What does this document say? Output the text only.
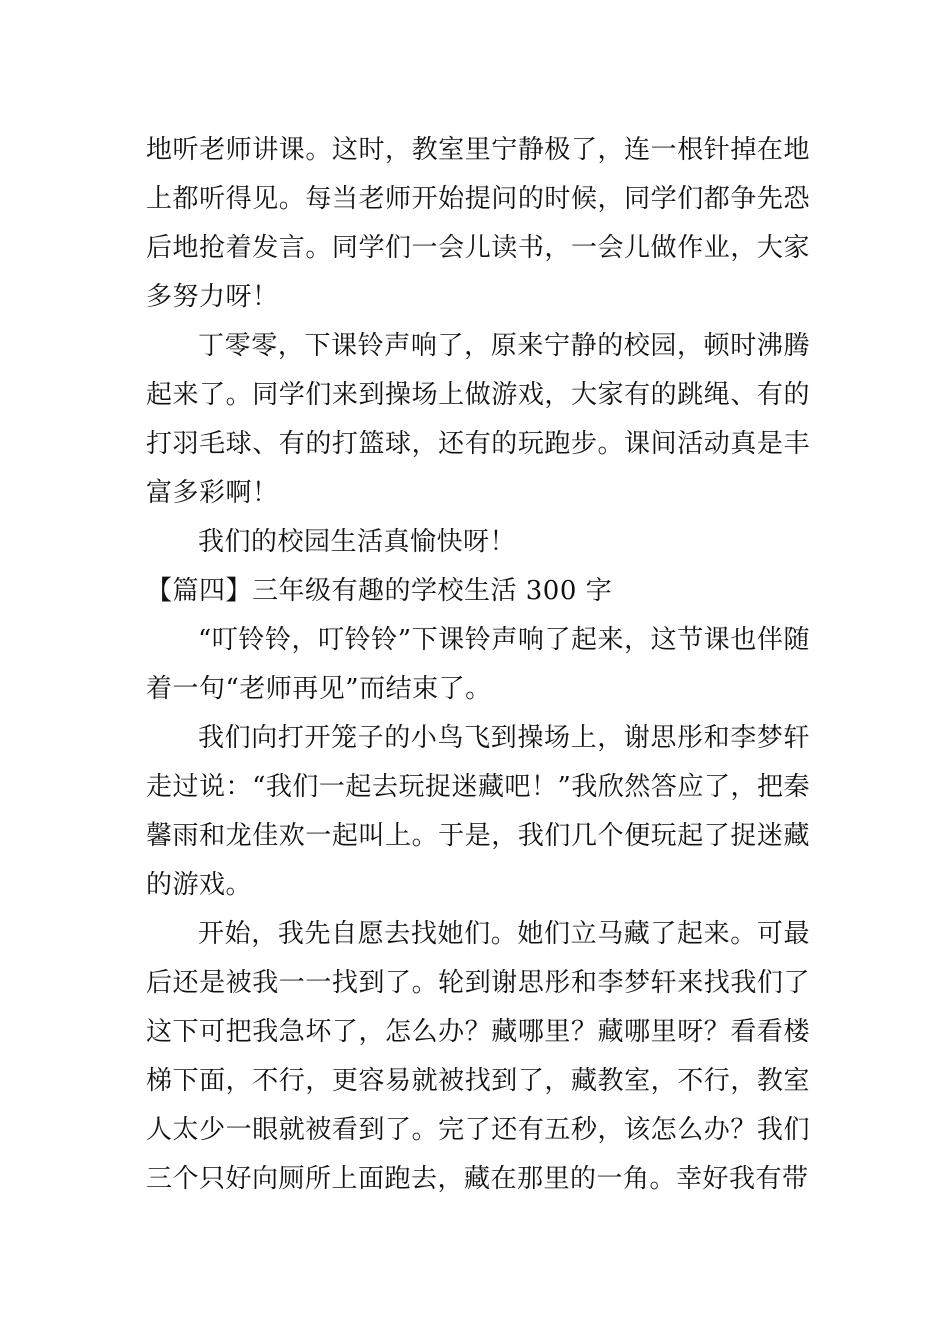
地听老师讲课。这时，教室里宁静极了，连一根针掉在地上都听得见。每当老师开始提问的时候，同学们都争先恐后地抢着发言。同学们一会儿读书，一会儿做作业，大家多努力呀！

丁零零，下课铃声响了，原来宁静的校园，顿时沸腾起来了。同学们来到操场上做游戏，大家有的跳绳、有的打羽毛球、有的打篮球，还有的玩跑步。课间活动真是丰富多彩啊！

我们的校园生活真愉快呀！

【篇四】三年级有趣的学校生活 300 字

“叮铃铃，叮铃铃”下课铃声响了起来，这节课也伴随着一句“老师再见”而结束了。

我们向打开笼子的小鸟飞到操场上，谢思彤和李梦轩走过说：“我们一起去玩捉迷藏吧！”我欣然答应了，把秦馨雨和龙佳欢一起叫上。于是，我们几个便玩起了捉迷藏的游戏。

开始，我先自愿去找她们。她们立马藏了起来。可最后还是被我一一找到了。轮到谢思彤和李梦轩来找我们了这下可把我急坏了，怎么办？藏哪里？藏哪里呀？看看楼梯下面，不行，更容易就被找到了，藏教室，不行，教室人太少一眼就被看到了。完了还有五秒，该怎么办？我们三个只好向厕所上面跑去，藏在那里的一角。幸好我有带
